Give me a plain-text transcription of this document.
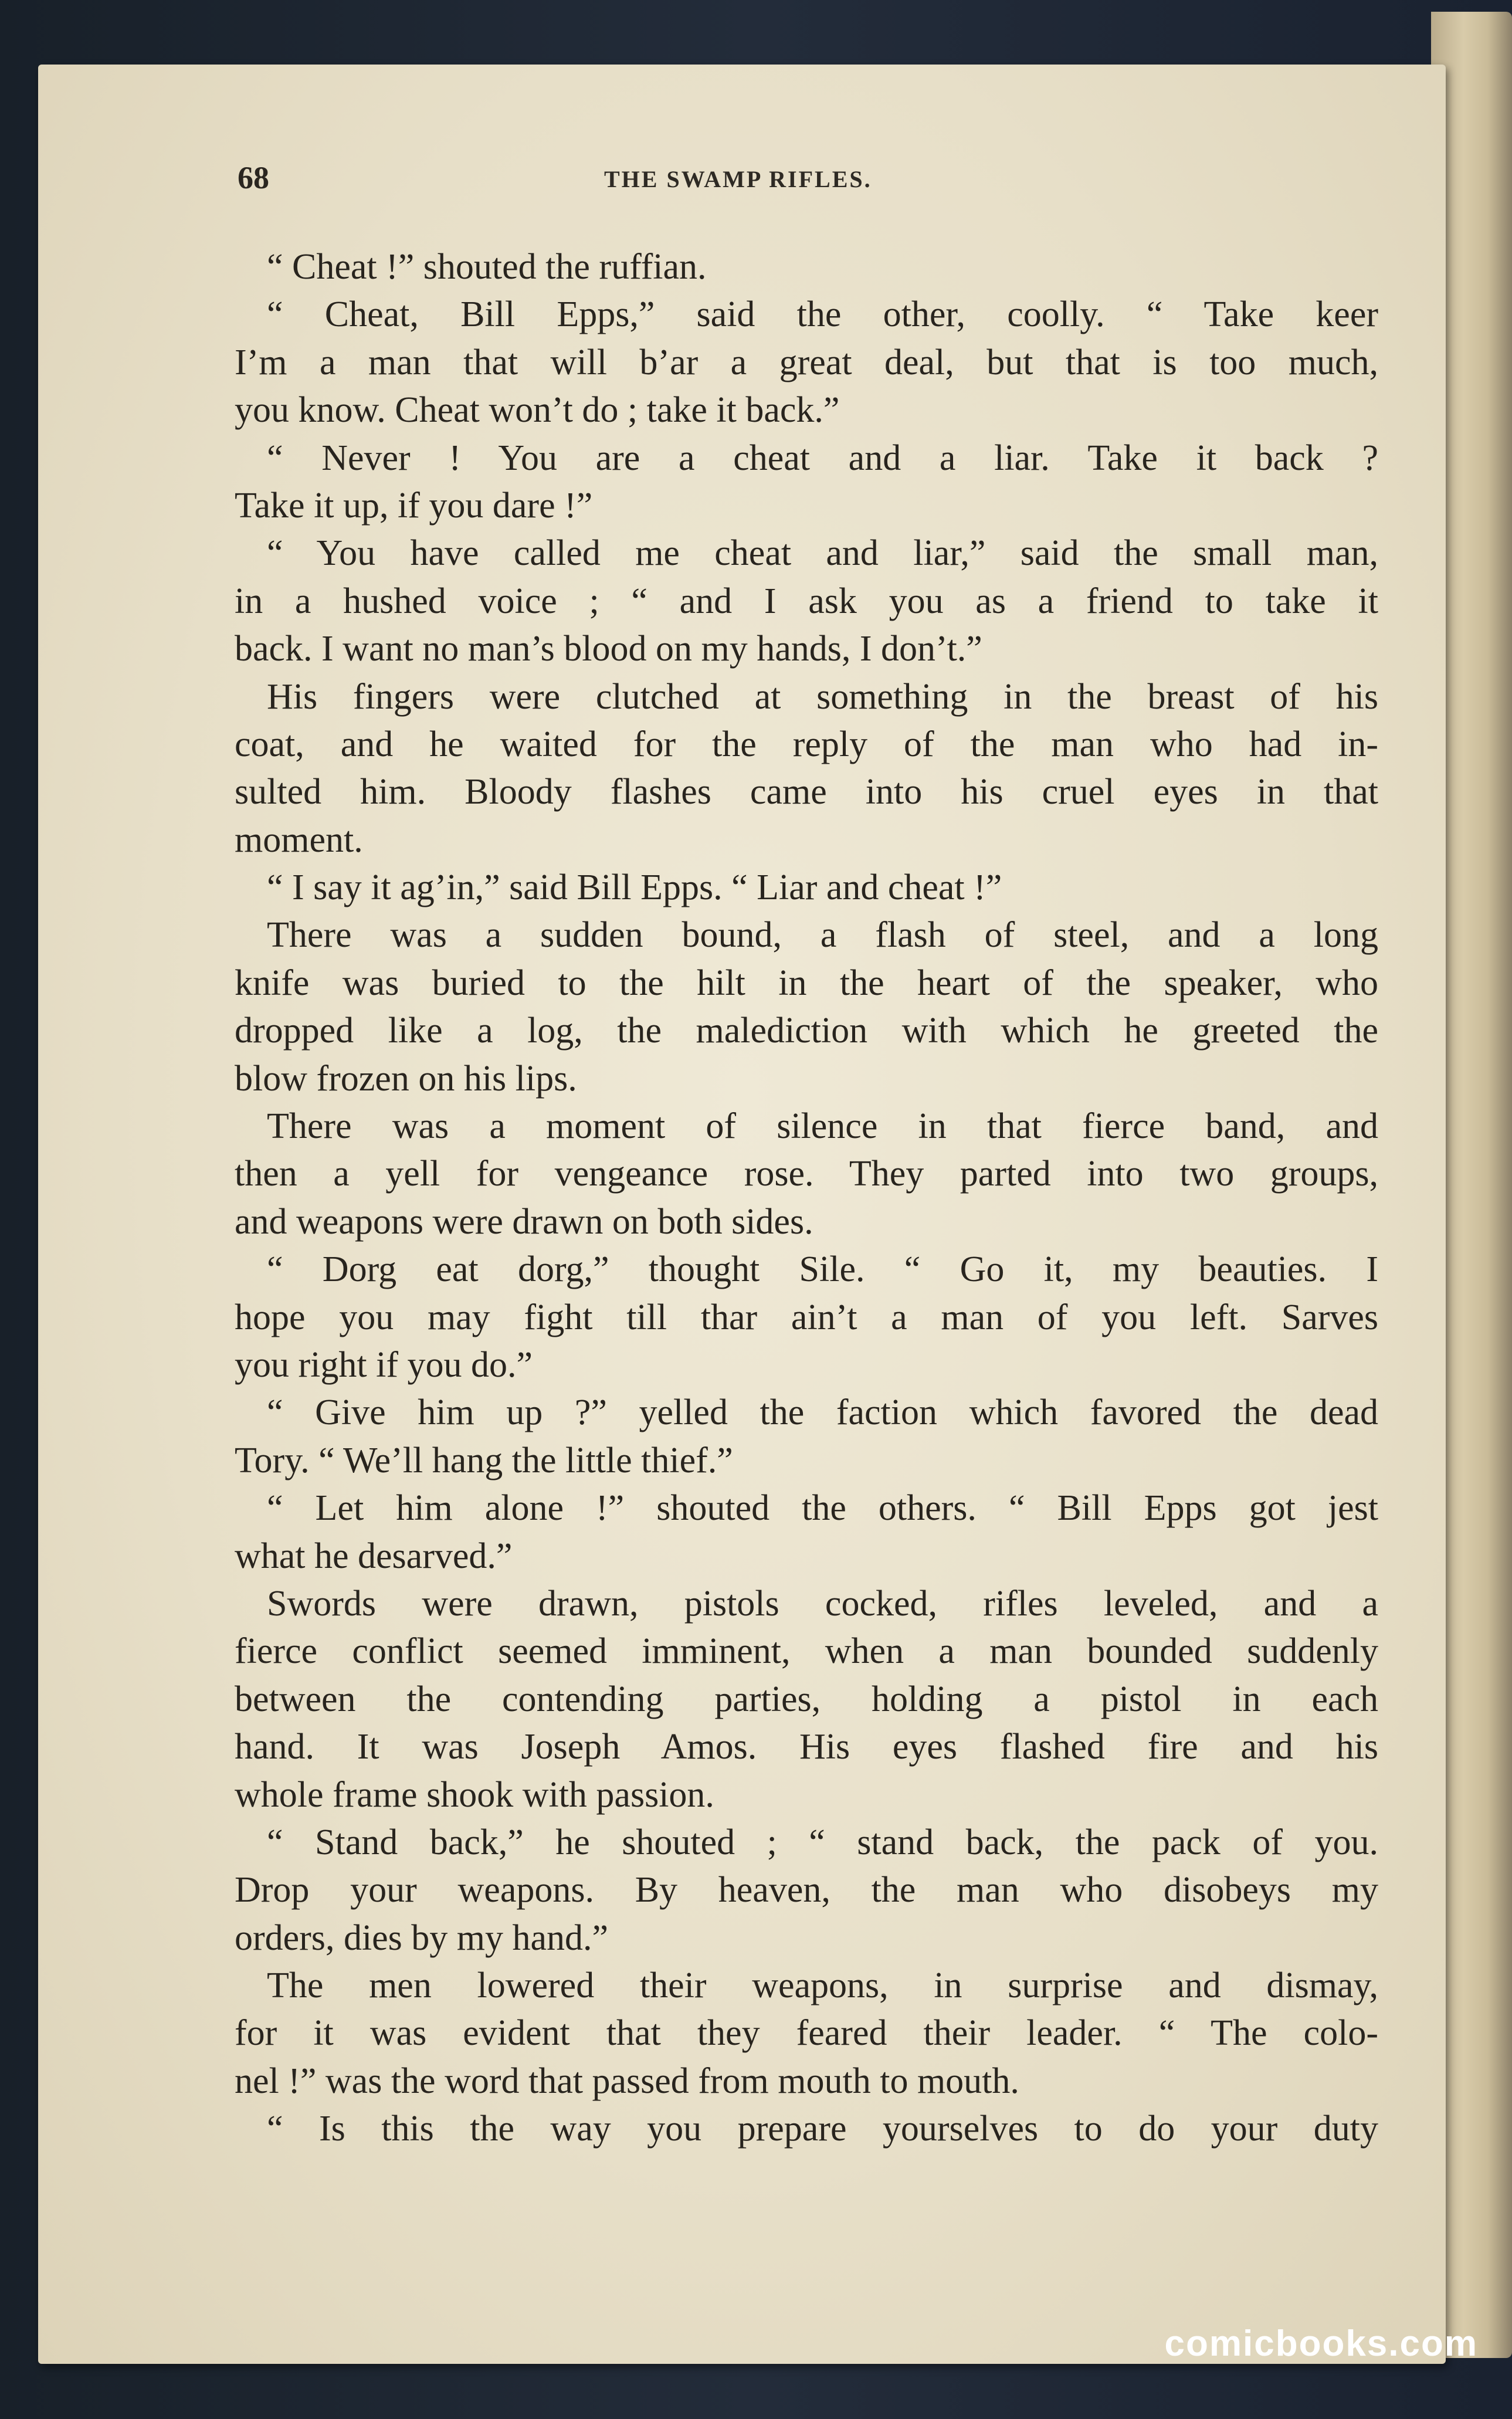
68	THE SWAMP RIFLES.
“ Cheat !” shouted the ruffian.
“ Cheat, Bill Epps,” said the other, coolly. “ Take keer
I’m a man that will b’ar a great deal, but that is too much,
you know. Cheat won’t do ; take it back.”
“ Never ! You are a cheat and a liar. Take it back ?
Take it up, if you dare !”
“ You have called me cheat and liar,” said the small man,
in a hushed voice ; “ and I ask you as a friend to take it
back. I want no man’s blood on my hands, I don’t.”
His fingers were clutched at something in the breast of his
coat, and he waited for the reply of the man who had in-
sulted him. Bloody flashes came into his cruel eyes in that
moment.
“ I say it ag’in,” said Bill Epps. “ Liar and cheat !”
There was a sudden bound, a flash of steel, and a long
knife was buried to the hilt in the heart of the speaker, who
dropped like a log, the malediction with which he greeted the
blow frozen on his lips.
There was a moment of silence in that fierce band, and
then a yell for vengeance rose. They parted into two groups,
and weapons were drawn on both sides.
“ Dorg eat dorg,” thought Sile. “ Go it, my beauties. I
hope you may fight till thar ain’t a man of you left. Sarves
you right if you do.”
“ Give him up ?” yelled the faction which favored the dead
Tory. “ We’ll hang the little thief.”
“ Let him alone !” shouted the others. “ Bill Epps got jest
what he desarved.”
Swords were drawn, pistols cocked, rifles leveled, and a
fierce conflict seemed imminent, when a man bounded suddenly
between the contending parties, holding a pistol in each
hand. It was Joseph Amos. His eyes flashed fire and his
whole frame shook with passion.
“ Stand back,” he shouted ; “ stand back, the pack of you.
Drop your weapons. By heaven, the man who disobeys my
orders, dies by my hand.”
The men lowered their weapons, in surprise and dismay,
for it was evident that they feared their leader. “ The colo-
nel !” was the word that passed from mouth to mouth.
“ Is this the way you prepare yourselves to do your duty
comicbooks.com
